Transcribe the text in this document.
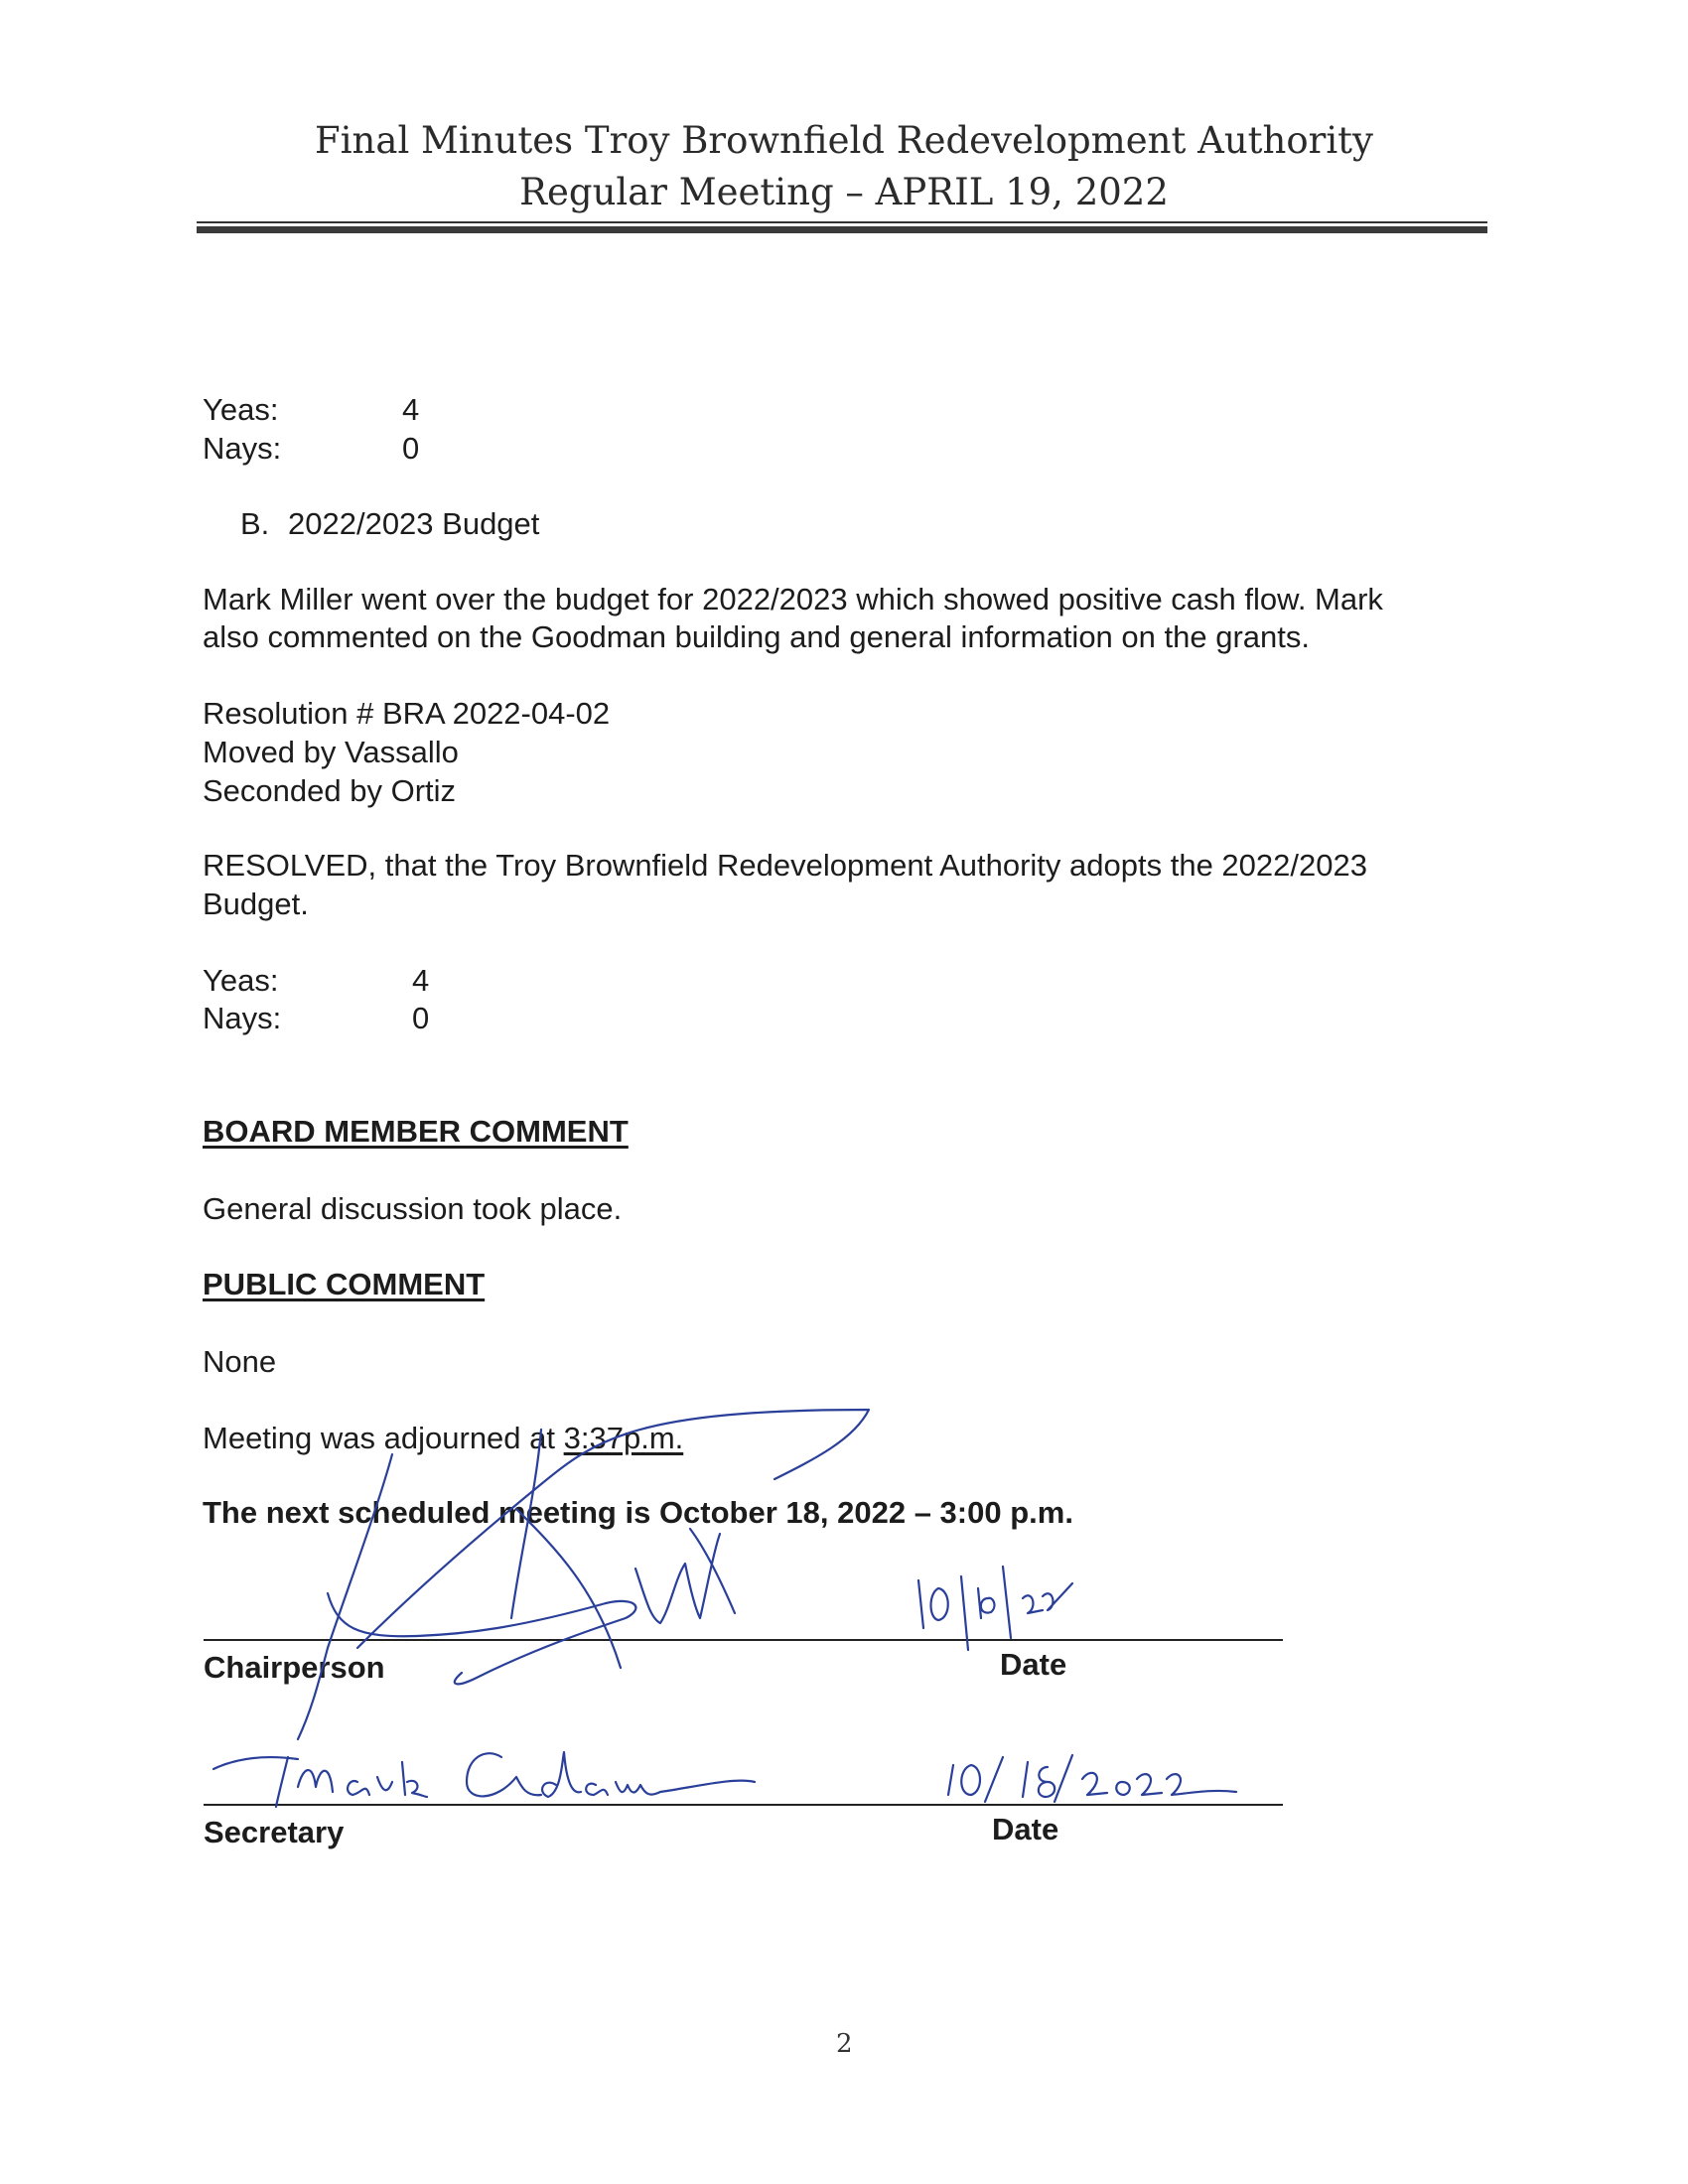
Final Minutes Troy Brownfield Redevelopment Authority
Regular Meeting – APRIL 19, 2022
Yeas:	4
Nays:	0
B. 2022/2023 Budget
Mark Miller went over the budget for 2022/2023 which showed positive cash flow. Mark
also commented on the Goodman building and general information on the grants.
Resolution # BRA 2022-04-02
Moved by Vassallo
Seconded by Ortiz
RESOLVED, that the Troy Brownfield Redevelopment Authority adopts the 2022/2023
Budget.
Yeas:	4
Nays:	0
BOARD MEMBER COMMENT
General discussion took place.
PUBLIC COMMENT
None
Meeting was adjourned at 3:37p.m.
The next scheduled meeting is October 18, 2022 – 3:00 p.m.
Chairperson	Date
Secretary	Date
2
